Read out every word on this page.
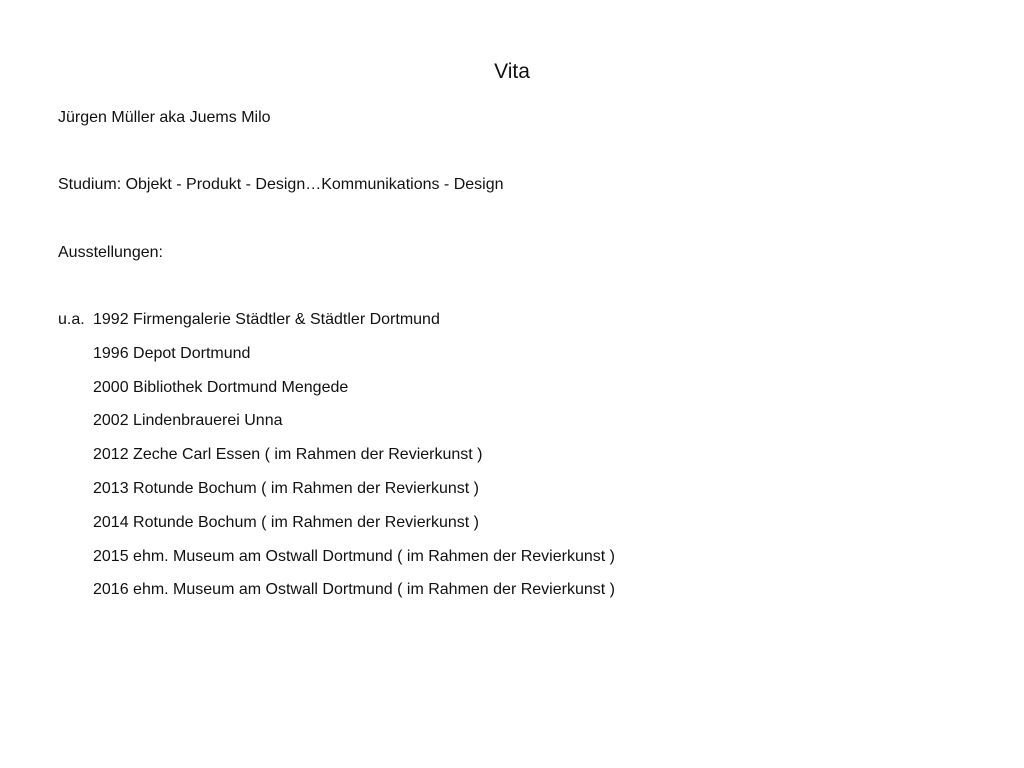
Vita
Jürgen Müller aka Juems Milo
Studium: Objekt - Produkt - Design…Kommunikations - Design
Ausstellungen:
u.a. 1992 Firmengalerie Städtler & Städtler Dortmund
1996 Depot Dortmund
2000 Bibliothek Dortmund Mengede
2002 Lindenbrauerei Unna
2012 Zeche Carl Essen ( im Rahmen der Revierkunst )
2013 Rotunde Bochum ( im Rahmen der Revierkunst )
2014 Rotunde Bochum ( im Rahmen der Revierkunst )
2015 ehm. Museum am Ostwall Dortmund ( im Rahmen der Revierkunst )
2016 ehm. Museum am Ostwall Dortmund ( im Rahmen der Revierkunst )
